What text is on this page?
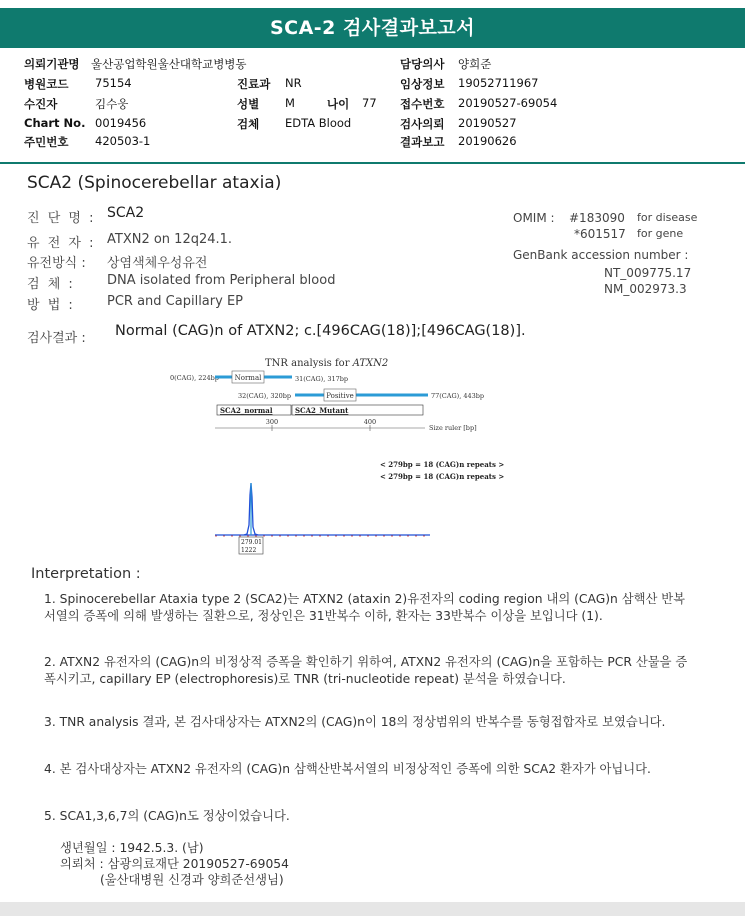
SCA-2 검사결과보고서
의뢰기관명 울산공업학원울산대학교병병동	담당의사 양희준
병원코드 75154	진료과 NR	임상정보 19052711967
수진자	김수웅	성별 M	나이 77 접수번호 20190527-69054
Chart No. 0019456	검체 EDTA Blood	검사의뢰 20190527
주민번호 420503-1	결과보고 20190626
SCA2 (Spinocerebellar ataxia)
진 단 명 : SCA2
유 전 자 : ATXN2 on 12q24.1.
유전방식 : 상염색체우성유전
검 체 : DNA isolated from Peripheral blood
방 법 : PCR and Capillary EP
OMIM : #183090 for disease
*601517 for gene
GenBank accession number :
NT_009775.17
NM_002973.3
검사결과 : Normal (CAG)n of ATXN2; c.[496CAG(18)];[496CAG(18)].
TNR analysis for ATXN2
0(CAG), 224bp Normal	31(CAG), 317bp
32(CAG), 320bp	Positive	77(CAG), 443bp
SCA2_normal	SCA2_Mutant
300	400
Size ruler [bp]
< 279bp = 18 (CAG)n repeats >
< 279bp = 18 (CAG)n repeats >
279.01
1222
Interpretation :
1. Spinocerebellar Ataxia type 2 (SCA2)는 ATXN2 (ataxin 2)유전자의 coding region 내의 (CAG)n 삼핵산 반복서열의 증폭에 의해 발생하는 질환으로, 정상인은 31반복수 이하, 환자는 33반복수 이상을 보입니다 (1).
2. ATXN2 유전자의 (CAG)n의 비정상적 증폭을 확인하기 위하여, ATXN2 유전자의 (CAG)n을 포함하는 PCR 산물을 증폭시키고, capillary EP (electrophoresis)로 TNR (tri-nucleotide repeat) 분석을 하였습니다.
3. TNR analysis 결과, 본 검사대상자는 ATXN2의 (CAG)n이 18의 정상범위의 반복수를 동형접합자로 보였습니다.
4. 본 검사대상자는 ATXN2 유전자의 (CAG)n 삼핵산반복서열의 비정상적인 증폭에 의한 SCA2 환자가 아닙니다.
5. SCA1,3,6,7의 (CAG)n도 정상이었습니다.
생년월일 : 1942.5.3. (남)
의뢰처 : 삼광의료재단 20190527-69054
(울산대병원 신경과 양희준선생님)
